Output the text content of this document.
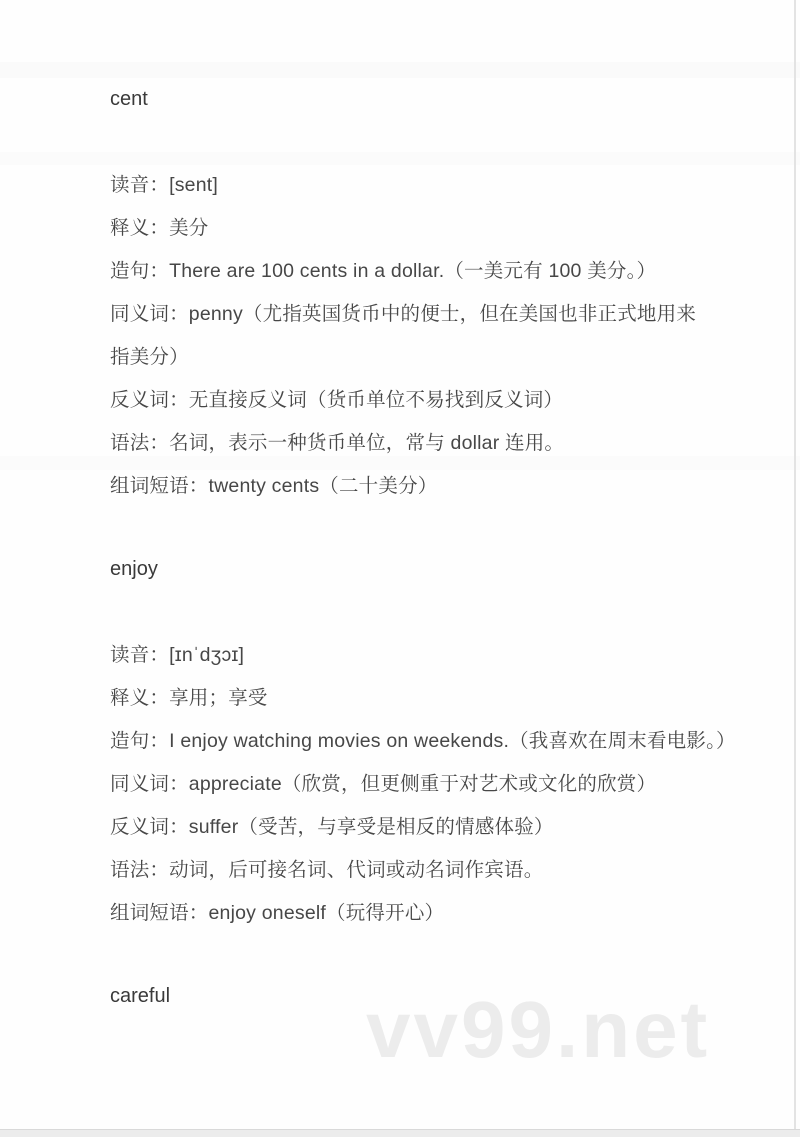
cent
读音：[sent]
释义：美分
造句：There are 100 cents in a dollar.（一美元有 100 美分。）
同义词：penny（尤指英国货币中的便士，但在美国也非正式地用来
指美分）
反义词：无直接反义词（货币单位不易找到反义词）
语法：名词，表示一种货币单位，常与 dollar 连用。
组词短语：twenty cents（二十美分）
enjoy
读音：[ɪnˈdʒɔɪ]
释义：享用；享受
造句：I enjoy watching movies on weekends.（我喜欢在周末看电影。）
同义词：appreciate（欣赏，但更侧重于对艺术或文化的欣赏）
反义词：suffer（受苦，与享受是相反的情感体验）
语法：动词，后可接名词、代词或动名词作宾语。
组词短语：enjoy oneself（玩得开心）
careful	vv99.net
